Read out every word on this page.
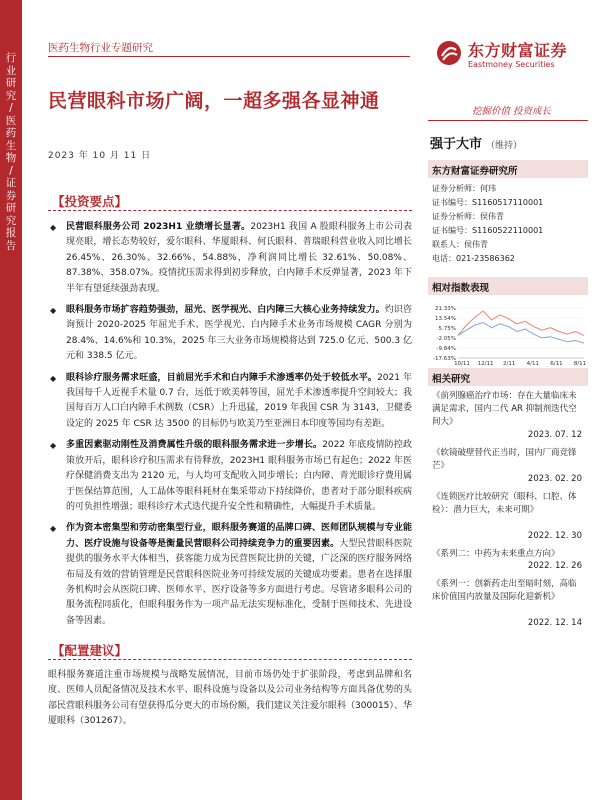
行业研究 / 医药生物 / 证券研究报告
医药生物行业专题研究
民营眼科市场广阔，一超多强各显神通
2023 年 10 月 11 日
东方财富证券
Eastmoney Securities
挖掘价值 投资成长
强于大市 （维持）
东方财富证券研究所
证券分析师：何玮
证书编号：S1160517110001
证券分析师：侯伟青
证书编号：S1160522110001
联系人：侯伟青
电话：021-23586362
相对指数表现
21.33%
13.54%
5.75%
-2.05%
-9.84%
-17.63%
10/11 12/11 2/11 4/11 6/11 8/11
相关研究
《前列腺癌治疗市场：存在大量临床未满足需求，国内二代 AR 抑制剂迭代空间大》
2023. 07. 12
《软镜破壁替代正当时，国内厂商竞锋芒》
2023. 02. 20
《连锁医疗比较研究（眼科、口腔、体检）：潜力巨大，未来可期》
2022. 12. 30
《系列二：中药为未来重点方向》
2022. 12. 26
《系列一：创新药走出至暗时刻，高临床价值国内放量及国际化迎新机》
2022. 12. 14
【投资要点】
◆ 民营眼科服务公司 2023H1 业绩增长显著。2023H1 我国 A 股眼科服务上市公司表现亮眼，增长态势较好，爱尔眼科、华厦眼科、何氏眼科、普瑞眼科营业收入同比增长 26.45%、26.30%、32.66%、54.88%，净利润同比增长 32.61%、50.08%、87.38%、358.07%。疫情扰压需求得到初步释放，白内障手术反弹显著，2023 年下半年有望延续强劲表现。
◆ 眼科服务市场扩容趋势强劲，屈光、医学视光、白内障三大核心业务持续发力。灼识咨询预计 2020-2025 年屈光手术、医学视光、白内障手术业务市场规模 CAGR 分别为 28.4%、14.6%和 10.3%，2025 年三大业务市场规模将达到 725.0 亿元、500.3 亿元和 338.5 亿元。
◆ 眼科诊疗服务需求旺盛，目前屈光手术和白内障手术渗透率仍处于较低水平。2021 年我国每千人近视手术量 0.7 台，远低于欧美韩等国，屈光手术渗透率提升空间较大；我国每百万人口白内障手术例数（CSR）上升迅猛，2019 年我国 CSR 为 3143，卫健委设定的 2025 年 CSR 达 3500 的目标仍与欧美乃至亚洲日本印度等国均有差距。
◆ 多重因素驱动刚性及消费属性升级的眼科服务需求进一步增长。2022 年底疫情防控政策放开后，眼科诊疗积压需求有待释放，2023H1 眼科服务市场已有起色；2022 年医疗保健消费支出为 2120 元，与人均可支配收入同步增长；白内障、青光眼诊疗费用属于医保结算范围，人工晶体等眼科耗材在集采带动下持续降价，患者对于部分眼科疾病的可负担性增强；眼科诊疗术式迭代提升安全性和精确性，大幅提升手术质量。
◆ 作为资本密集型和劳动密集型行业，眼科服务赛道的品牌口碑、医师团队规模与专业能力、医疗设施与设备等是衡量民营眼科公司持续竞争力的重要因素。大型民营眼科医院提供的服务水平大体相当，获客能力成为民营医院比拼的关键，广泛深的医疗服务网络布局及有效的营销管理是民营眼科医院业务可持续发展的关键成功要素。患者在选择服务机构时会从医院口碑、医师水平、医疗设备等多方面进行考虑。尽管诸多眼科公司的服务流程同质化，但眼科服务作为一项产品无法实现标准化，受制于医师技术、先进设备等因素。
【配置建议】
眼科服务赛道注重市场规模与战略发展情况，目前市场仍处于扩张阶段，考虑到品牌和名度、医师人员配备情况及技术水平、眼科设施与设备以及公司业务结构等方面具备优势的头部民营眼科服务公司有望获得瓜分更大的市场份额，我们建议关注爱尔眼科（300015）、华厦眼科（301267）。
